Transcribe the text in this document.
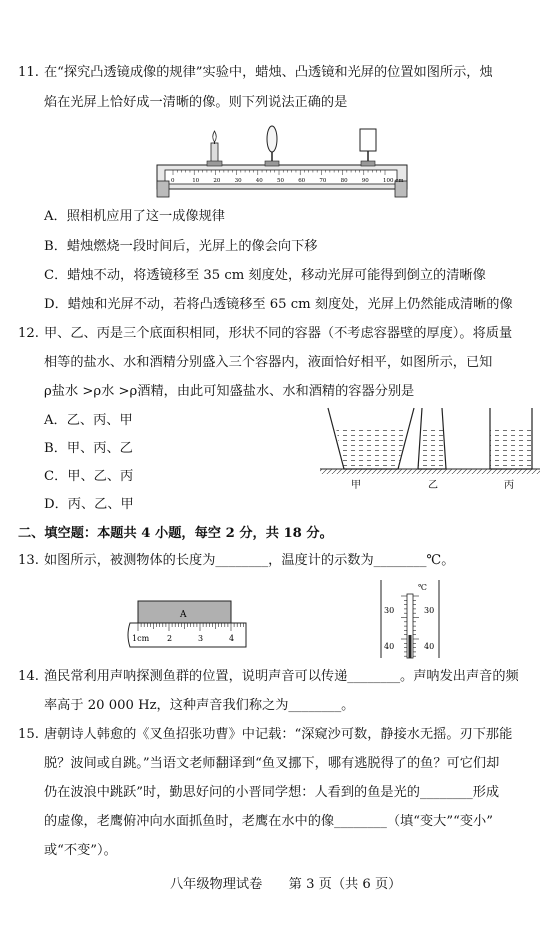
11. 在“探究凸透镜成像的规律”实验中，蜡烛、凸透镜和光屏的位置如图所示，烛
焰在光屏上恰好成一清晰的像。则下列说法正确的是
0	10	20	30	40	50	60	70	80	90	100 cm
A．照相机应用了这一成像规律
B．蜡烛燃烧一段时间后，光屏上的像会向下移
C．蜡烛不动，将透镜移至 35 cm 刻度处，移动光屏可能得到倒立的清晰像
D．蜡烛和光屏不动，若将凸透镜移至 65 cm 刻度处，光屏上仍然能成清晰的像
12. 甲、乙、丙是三个底面积相同，形状不同的容器（不考虑容器壁的厚度）。将质量
相等的盐水、水和酒精分别盛入三个容器内，液面恰好相平，如图所示，已知
ρ盐水 >ρ水 >ρ酒精，由此可知盛盐水、水和酒精的容器分别是
A．乙、丙、甲
B．甲、丙、乙
C．甲、乙、丙
D．丙、乙、甲
甲	乙	丙
二、填空题：本题共 4 小题，每空 2 分，共 18 分。
13. 如图所示，被测物体的长度为________，温度计的示数为________℃。
A
1cm 2	3	4
℃
30	30
40	40
14. 渔民常利用声呐探测鱼群的位置，说明声音可以传递________。声呐发出声音的频
率高于 20 000 Hz，这种声音我们称之为________。
15. 唐朝诗人韩愈的《叉鱼招张功曹》中记载：“深窥沙可数，静接水无摇。刃下那能
脱？波间或自跳。”当语文老师翻译到“鱼叉挪下，哪有逃脱得了的鱼？可它们却
仍在波浪中跳跃”时，勤思好问的小晋同学想：人看到的鱼是光的________形成
的虚像，老鹰俯冲向水面抓鱼时，老鹰在水中的像________（填“变大”“变小”
或“不变”）。
八年级物理试卷　　第 3 页（共 6 页）
